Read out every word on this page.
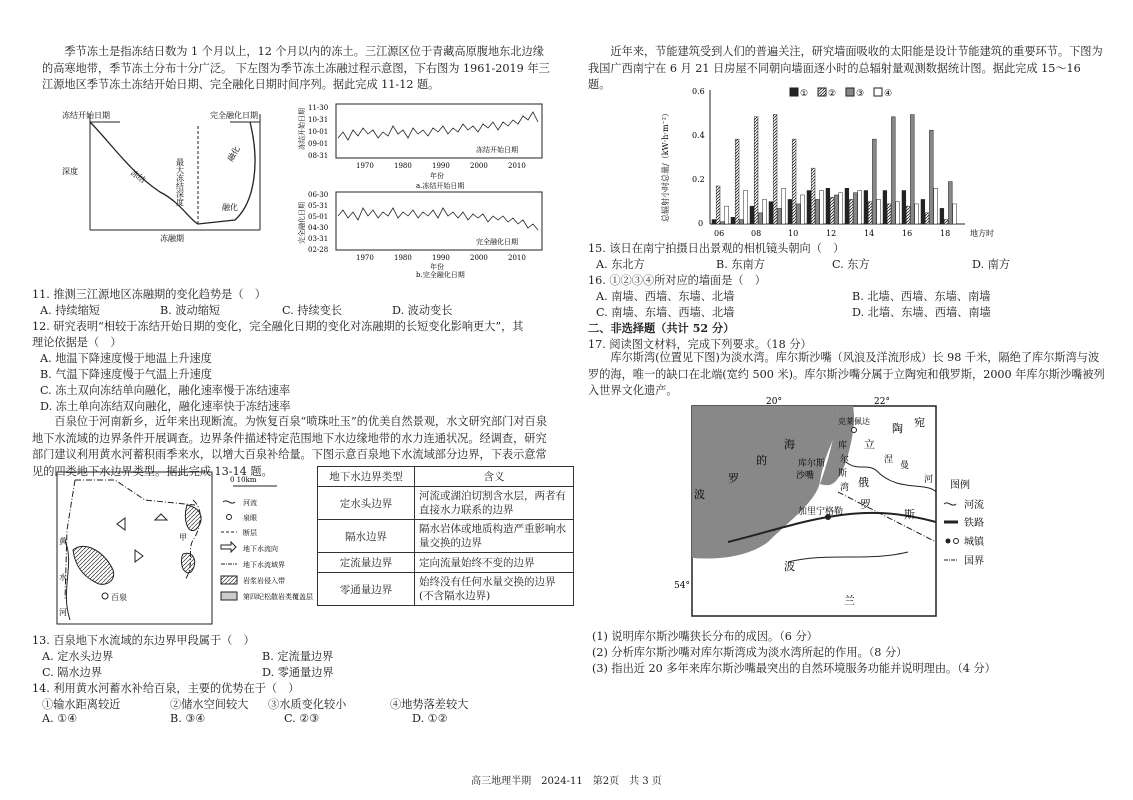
季节冻土是指冻结日数为 1 个月以上，12 个月以内的冻土。三江源区位于青藏高原腹地东北边缘的高寒地带，季节冻土分布十分广泛。 下左图为季节冻土冻融过程示意图，下右图为 1961-2019 年三江源地区季节冻土冻结开始日期、完全融化日期时间序列。据此完成 11-12 题。
冻结开始日期	完全融化日期
深度	冻结	最大冻结深度
融化
融化
冻融期
11-30
10-31
10-01
09-01
08-31
冻结开始日期	冻结开始日期
1970	1980	1990	2000	2010
年份
a.冻结开始日期
06-30
05-31
05-01
04-30
03-31
02-28
完全融化日期	完全融化日期
1970	1980	1990	2000	2010
年份
b.完全融化日期
11. 推测三江源地区冻融期的变化趋势是（　）
A. 持续缩短	B. 波动缩短	C. 持续变长	D. 波动变长
12. 研究表明“相较于冻结开始日期的变化，完全融化日期的变化对冻融期的长短变化影响更大”，其
理论依据是（　）
A. 地温下降速度慢于地温上升速度
B. 气温下降速度慢于气温上升速度
C. 冻土双向冻结单向融化，融化速率慢于冻结速率
D. 冻土单向冻结双向融化，融化速率快于冻结速率
百泉位于河南新乡，近年来出现断流。为恢复百泉“喷珠吐玉”的优美自然景观，水文研究部门对百泉地下水流域的边界条件开展调查。边界条件描述特定范围地下水边缘地带的水力连通状况。经调查，研究部门建议利用黄水河蓄积雨季来水，以增大百泉补给量。下图示意百泉地下水流域部分边界，下表示意常见的四类地下水边界类型。据此完成 13-14 题。
百泉
甲
黄
水
河
0 10km
河流
泉眼
断层
地下水流向
地下水流域界
岩浆岩侵入带
第四纪松散岩类覆盖层
地下水边界类型	含义
定水头边界	河流或湖泊切割含水层，两者有直接水力联系的边界
隔水边界	隔水岩体或地质构造严重影响水量交换的边界
定流量边界	定向流量始终不变的边界
零通量边界	始终没有任何水量交换的边界(不含隔水边界)
13. 百泉地下水流域的东边界甲段属于（　）
A. 定水头边界	B. 定流量边界
C. 隔水边界	D. 零通量边界
14. 利用黄水河蓄水补给百泉，主要的优势在于（　）
①输水距离较近	②储水空间较大 ③水质变化较小	④地势落差较大
A. ①④	B. ③④	C. ②③	D. ①②
近年来，节能建筑受到人们的普遍关注，研究墙面吸收的太阳能是设计节能建筑的重要环节。下图为我国广西南宁在 6 月 21 日房屋不同朝向墙面逐小时的总辐射量观测数据统计图。据此完成 15～16 题。
总辐射小时总量/（kW·h·m⁻²）
0.6
0.4
0.2
0
① ② ③ ④
06	08	10	12	14	16	18 地方时
15. 该日在南宁拍摄日出景观的相机镜头朝向（　）
A. 东北方	B. 东南方	C. 东方	D. 南方
16. ①②③④所对应的墙面是（　）
A. 南墙、西墙、东墙、北墙	B. 北墙、西墙、东墙、南墙
C. 南墙、东墙、西墙、北墙	D. 北墙、东墙、西墙、南墙
二、非选择题（共计 52 分）
17. 阅读图文材料，完成下列要求。（18 分）
库尔斯湾(位置见下图)为淡水湾。库尔斯沙嘴（风浪及洋流形成）长 98 千米，隔绝了库尔斯湾与波罗的海，唯一的缺口在北端(宽约 500 米)。库尔斯沙嘴分属于立陶宛和俄罗斯，2000 年库尔斯沙嘴被列入世界文化遗产。
20°	22°
54°
波
罗
的
海
库尔斯
沙嘴
库
尔
斯
湾
立
陶 宛
俄
罗
斯
波
兰
加里宁格勒
克莱佩达
涅
曼
河 图例
河流
铁路
城镇
国界
(1) 说明库尔斯沙嘴狭长分布的成因。（6 分）
(2) 分析库尔斯沙嘴对库尔斯湾成为淡水湾所起的作用。（8 分）
(3) 指出近 20 多年来库尔斯沙嘴最突出的自然环境服务功能并说明理由。（4 分）
高三地理半期　2024-11　第2页　共 3 页
